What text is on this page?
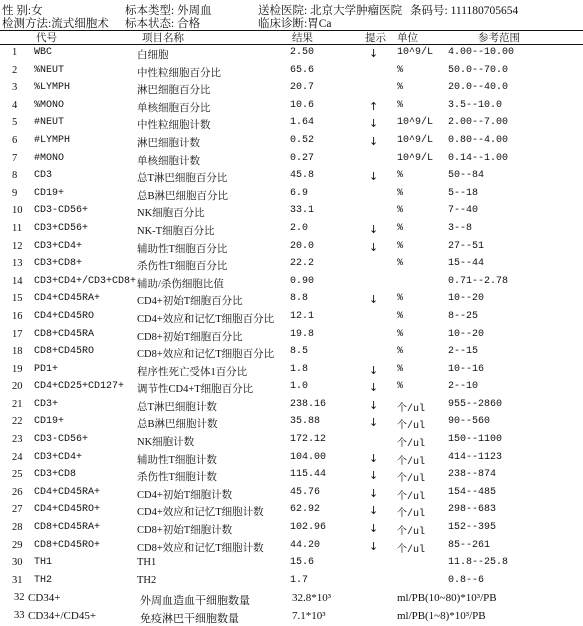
性 别:女	标本类型: 外周血	送检医院: 北京大学肿瘤医院 条码号: 111180705654
检测方法:流式细胞术 标本状态: 合格	临床诊断:胃Ca
代号	项目名称	结果	提示 单位	参考范围
1 WBC	白细胞	2.50	↓ 10^9/L 4.00--10.00
2 %NEUT	中性粒细胞百分比	65.6	%	50.0--70.0
3 %LYMPH	淋巴细胞百分比	20.7	%	20.0--40.0
4 %MONO	单核细胞百分比	10.6	↑ %	3.5--10.0
5 #NEUT	中性粒细胞计数	1.64	↓ 10^9/L 2.00--7.00
6 #LYMPH	淋巴细胞计数	0.52	↓ 10^9/L 0.80--4.00
7 #MONO	单核细胞计数	0.27	10^9/L 0.14--1.00
8 CD3	总T淋巴细胞百分比	45.8	↓ %	50--84
9 CD19+	总B淋巴细胞百分比	6.9	%	5--18
10 CD3-CD56+	NK细胞百分比	33.1	%	7--40
11 CD3+CD56+	NK-T细胞百分比	2.0	↓ %	3--8
12 CD3+CD4+	辅助性T细胞百分比	20.0	↓ %	27--51
13 CD3+CD8+	杀伤性T细胞百分比	22.2	%	15--44
14 CD3+CD4+/CD3+CD8+ 辅助/杀伤细胞比值	0.90	0.71--2.78
15 CD4+CD45RA+	CD4+初始T细胞百分比	8.8	↓ %	10--20
16 CD4+CD45RO	CD4+效应和记忆T细胞百分比 12.1	%	8--25
17 CD8+CD45RA	CD8+初始T细胞百分比	19.8	%	10--20
18 CD8+CD45RO	CD8+效应和记忆T细胞百分比 8.5	%	2--15
19 PD1+	程序性死亡受体1百分比	1.8	↓ %	10--16
20 CD4+CD25+CD127+ 调节性CD4+T细胞百分比	1.0	↓ %	2--10
21 CD3+	总T淋巴细胞计数	238.16	↓ 个/ul 955--2860
22 CD19+	总B淋巴细胞计数	35.88	↓ 个/ul 90--560
23 CD3-CD56+	NK细胞计数	172.12	个/ul 150--1100
24 CD3+CD4+	辅助性T细胞计数	104.00	↓ 个/ul 414--1123
25 CD3+CD8	杀伤性T细胞计数	115.44	↓ 个/ul 238--874
26 CD4+CD45RA+	CD4+初始T细胞计数	45.76	↓ 个/ul 154--485
27 CD4+CD45RO+	CD4+效应和记忆T细胞计数	62.92	↓ 个/ul 298--683
28 CD8+CD45RA+	CD8+初始T细胞计数	102.96	↓ 个/ul 152--395
29 CD8+CD45RO+	CD8+效应和记忆T细胞计数	44.20	↓ 个/ul 85--261
30 TH1	TH1	15.6	11.8--25.8
31 TH2	TH2	1.7	0.8--6
32 CD34+	外周血造血干细胞数量	32.8*10³	ml/PB (10~80)*10³/PB
33 CD34+/CD45+	免疫淋巴干细胞数量	7.1*10³	ml/PB (1~8)*10³/PB
